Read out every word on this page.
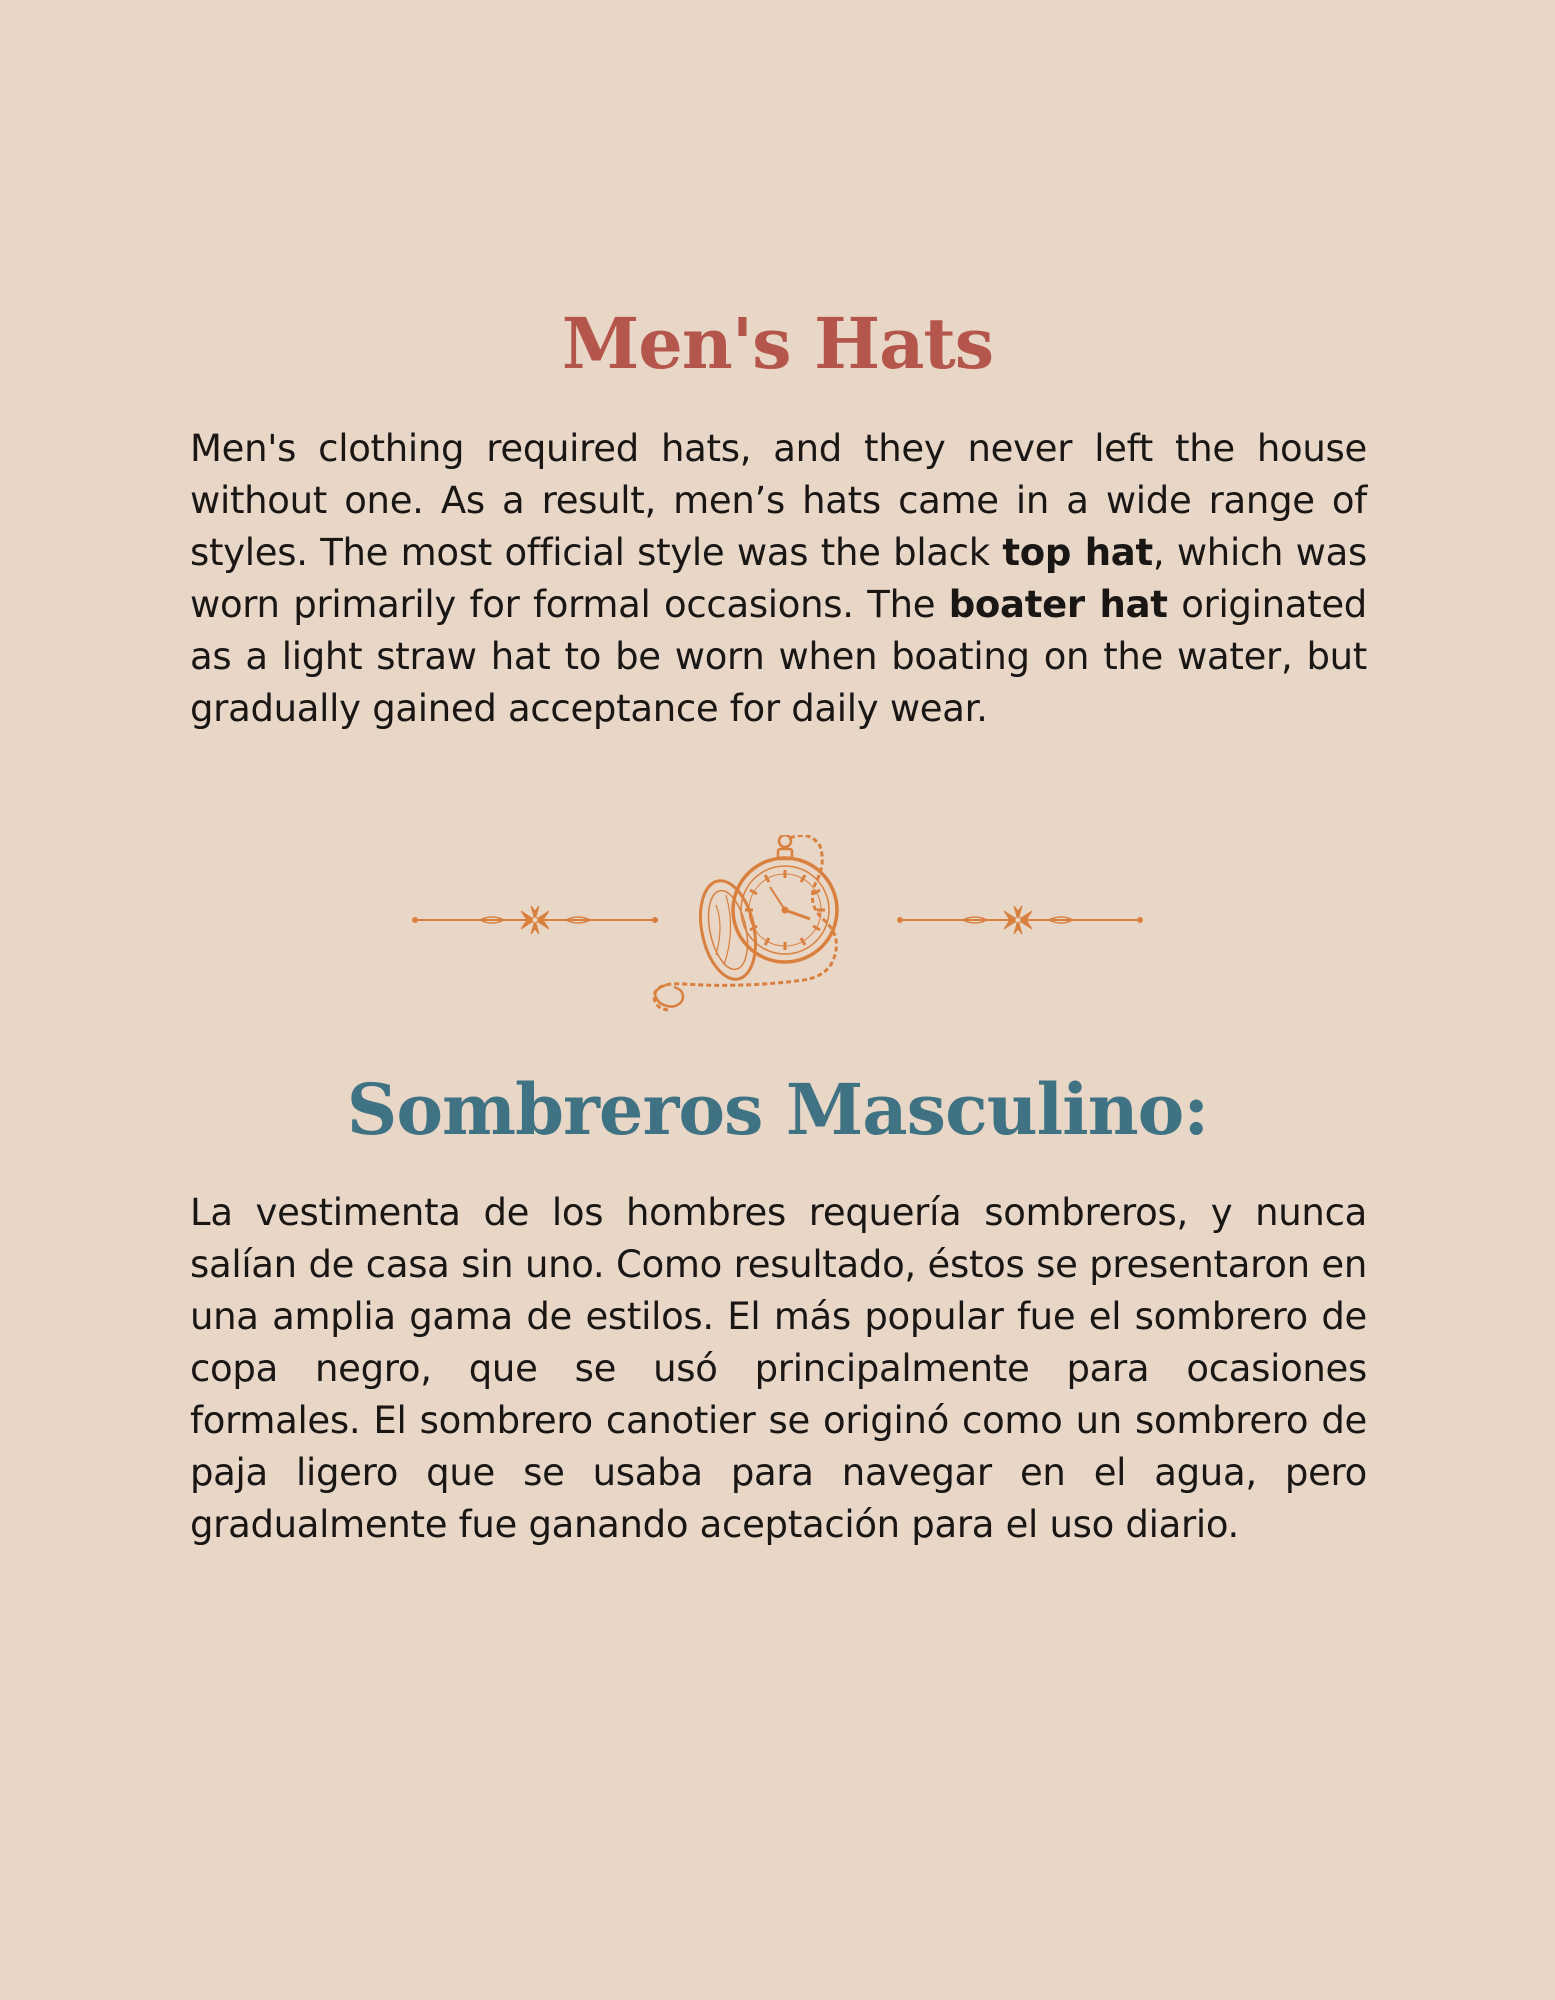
Men's Hats

Men's clothing required hats, and they never left the house without one. As a result, men’s hats came in a wide range of styles. The most official style was the black top hat, which was worn primarily for formal occasions. The boater hat originated as a light straw hat to be worn when boating on the water, but gradually gained acceptance for daily wear.

Sombreros Masculino:

La vestimenta de los hombres requería sombreros, y nunca salían de casa sin uno. Como resultado, éstos se presentaron en una amplia gama de estilos. El más popular fue el sombrero de copa negro, que se usó principalmente para ocasiones formales. El sombrero canotier se originó como un sombrero de paja ligero que se usaba para navegar en el agua, pero gradualmente fue ganando aceptación para el uso diario.
